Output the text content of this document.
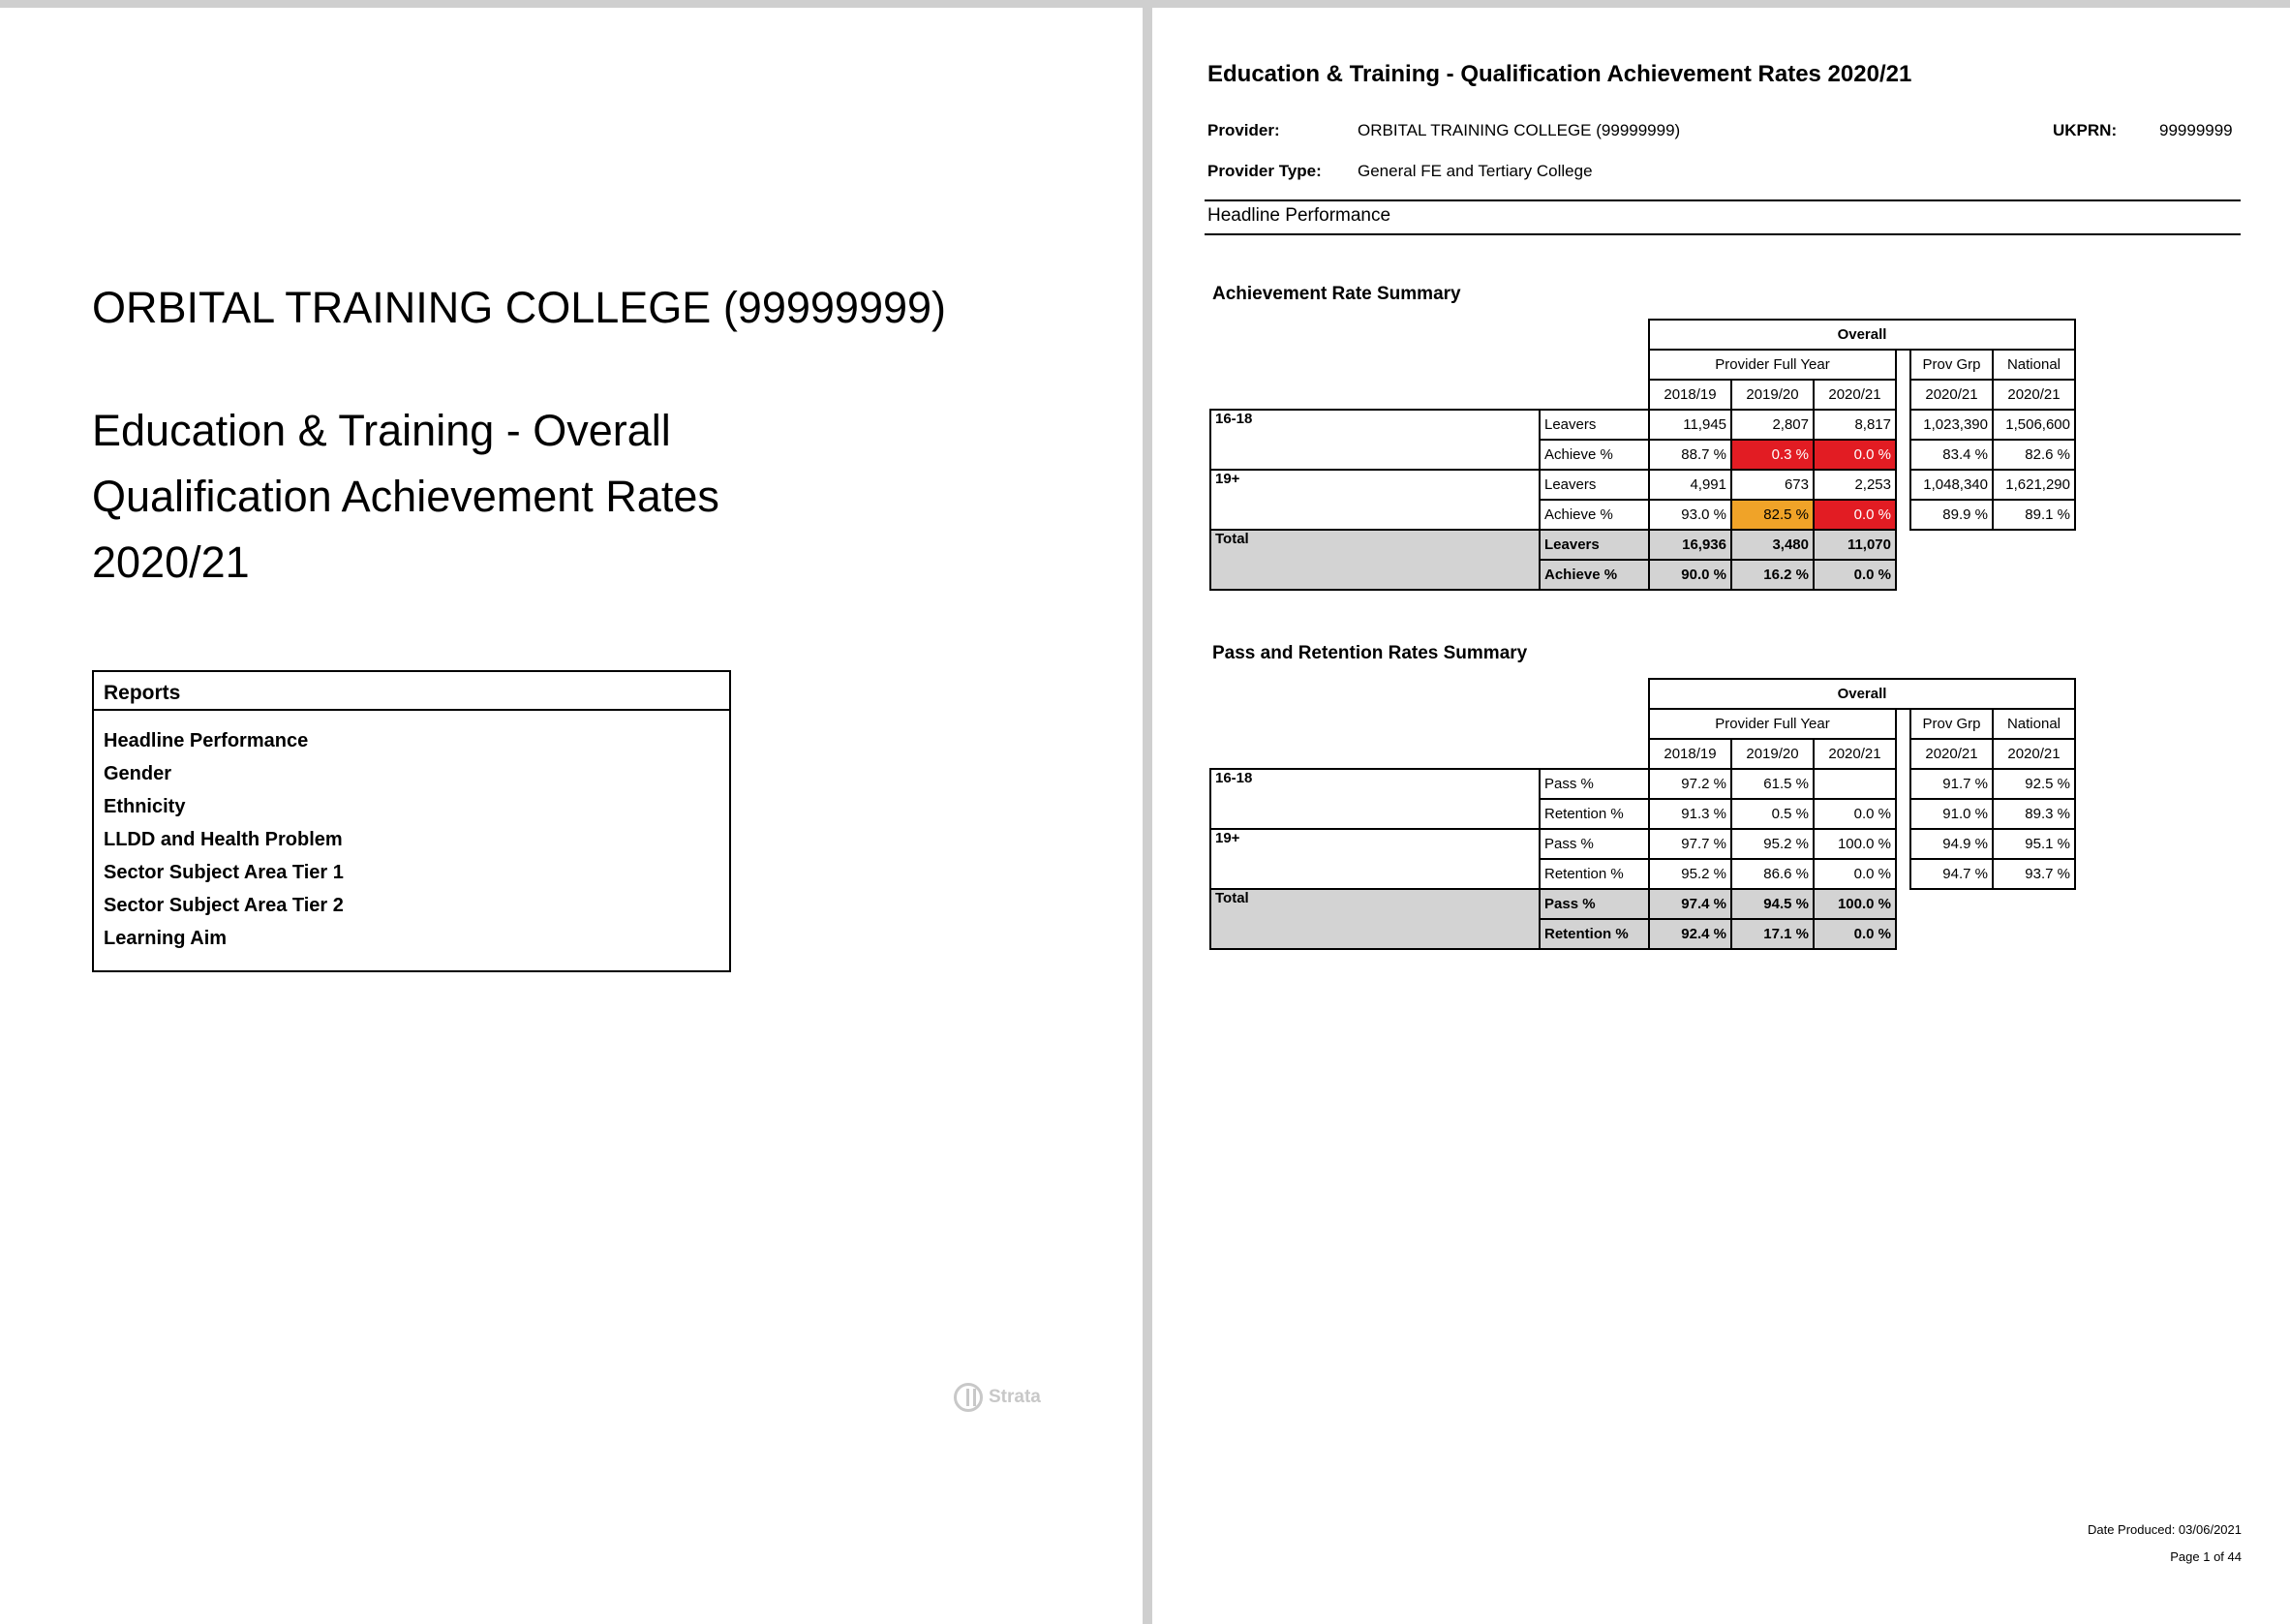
ORBITAL TRAINING COLLEGE (99999999)
Education & Training - Overall
Qualification Achievement Rates
2020/21
Reports
Headline Performance
Gender
Ethnicity
LLDD and Health Problem
Sector Subject Area Tier 1
Sector Subject Area Tier 2
Learning Aim
Strata
Education & Training - Qualification Achievement Rates 2020/21
Provider:	ORBITAL TRAINING COLLEGE (99999999)	UKPRN:	99999999
Provider Type: General FE and Tertiary College
Headline Performance
Achievement Rate Summary
		Overall					
		Provider Full Year				Prov Grp	National
		2018/19	2019/20	2020/21		2020/21	2020/21
16-18	Leavers	11,945	2,807	8,817		1,023,390	1,506,600
	Achieve %	88.7 %	0.3 %	0.0 %		83.4 %	82.6 %
19+	Leavers	4,991	673	2,253		1,048,340	1,621,290
	Achieve %	93.0 %	82.5 %	0.0 %		89.9 %	89.1 %
Total	Leavers	16,936	3,480	11,070			
	Achieve %	90.0 %	16.2 %	0.0 %			
Pass and Retention Rates Summary
		Overall					
		Provider Full Year				Prov Grp	National
		2018/19	2019/20	2020/21		2020/21	2020/21
16-18	Pass %	97.2 %	61.5 %			91.7 %	92.5 %
	Retention %	91.3 %	0.5 %	0.0 %		91.0 %	89.3 %
19+	Pass %	97.7 %	95.2 %	100.0 %		94.9 %	95.1 %
	Retention %	95.2 %	86.6 %	0.0 %		94.7 %	93.7 %
Total	Pass %	97.4 %	94.5 %	100.0 %			
	Retention %	92.4 %	17.1 %	0.0 %			
Date Produced: 03/06/2021
Page 1 of 44
